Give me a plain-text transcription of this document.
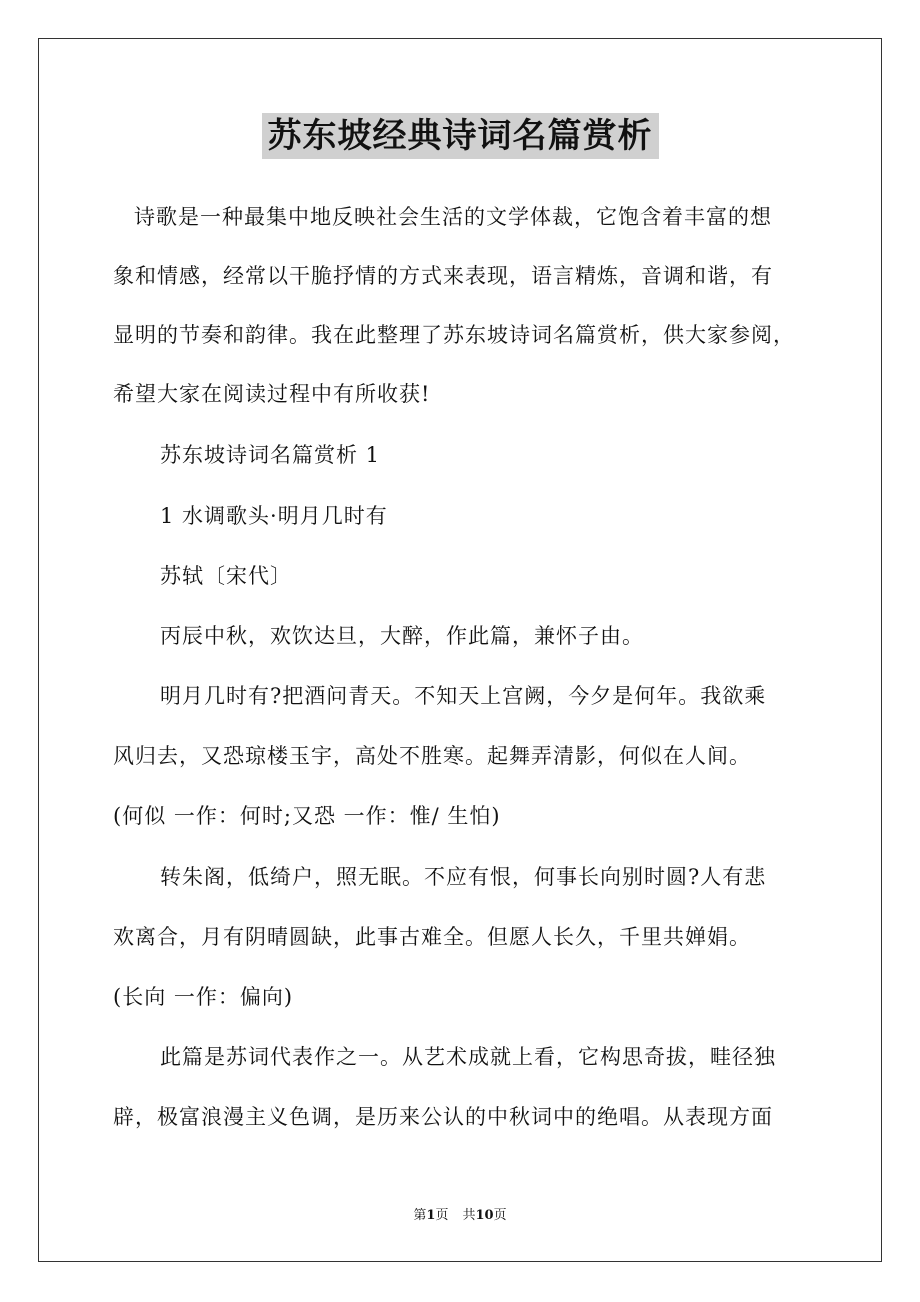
苏东坡经典诗词名篇赏析
诗歌是一种最集中地反映社会生活的文学体裁，它饱含着丰富的想
象和情感，经常以干脆抒情的方式来表现，语言精炼，音调和谐，有
显明的节奏和韵律。我在此整理了苏东坡诗词名篇赏析，供大家参阅，
希望大家在阅读过程中有所收获!
苏东坡诗词名篇赏析 1
1 水调歌头·明月几时有
苏轼〔宋代〕
丙辰中秋，欢饮达旦，大醉，作此篇，兼怀子由。
明月几时有?把酒问青天。不知天上宫阙，今夕是何年。我欲乘
风归去，又恐琼楼玉宇，高处不胜寒。起舞弄清影，何似在人间。
(何似 一作：何时;又恐 一作：惟/ 生怕)
转朱阁，低绮户，照无眠。不应有恨，何事长向别时圆?人有悲
欢离合，月有阴晴圆缺，此事古难全。但愿人长久，千里共婵娟。
(长向 一作：偏向)
此篇是苏词代表作之一。从艺术成就上看，它构思奇拔，畦径独
辟，极富浪漫主义色调，是历来公认的中秋词中的绝唱。从表现方面
第1页 共10页
